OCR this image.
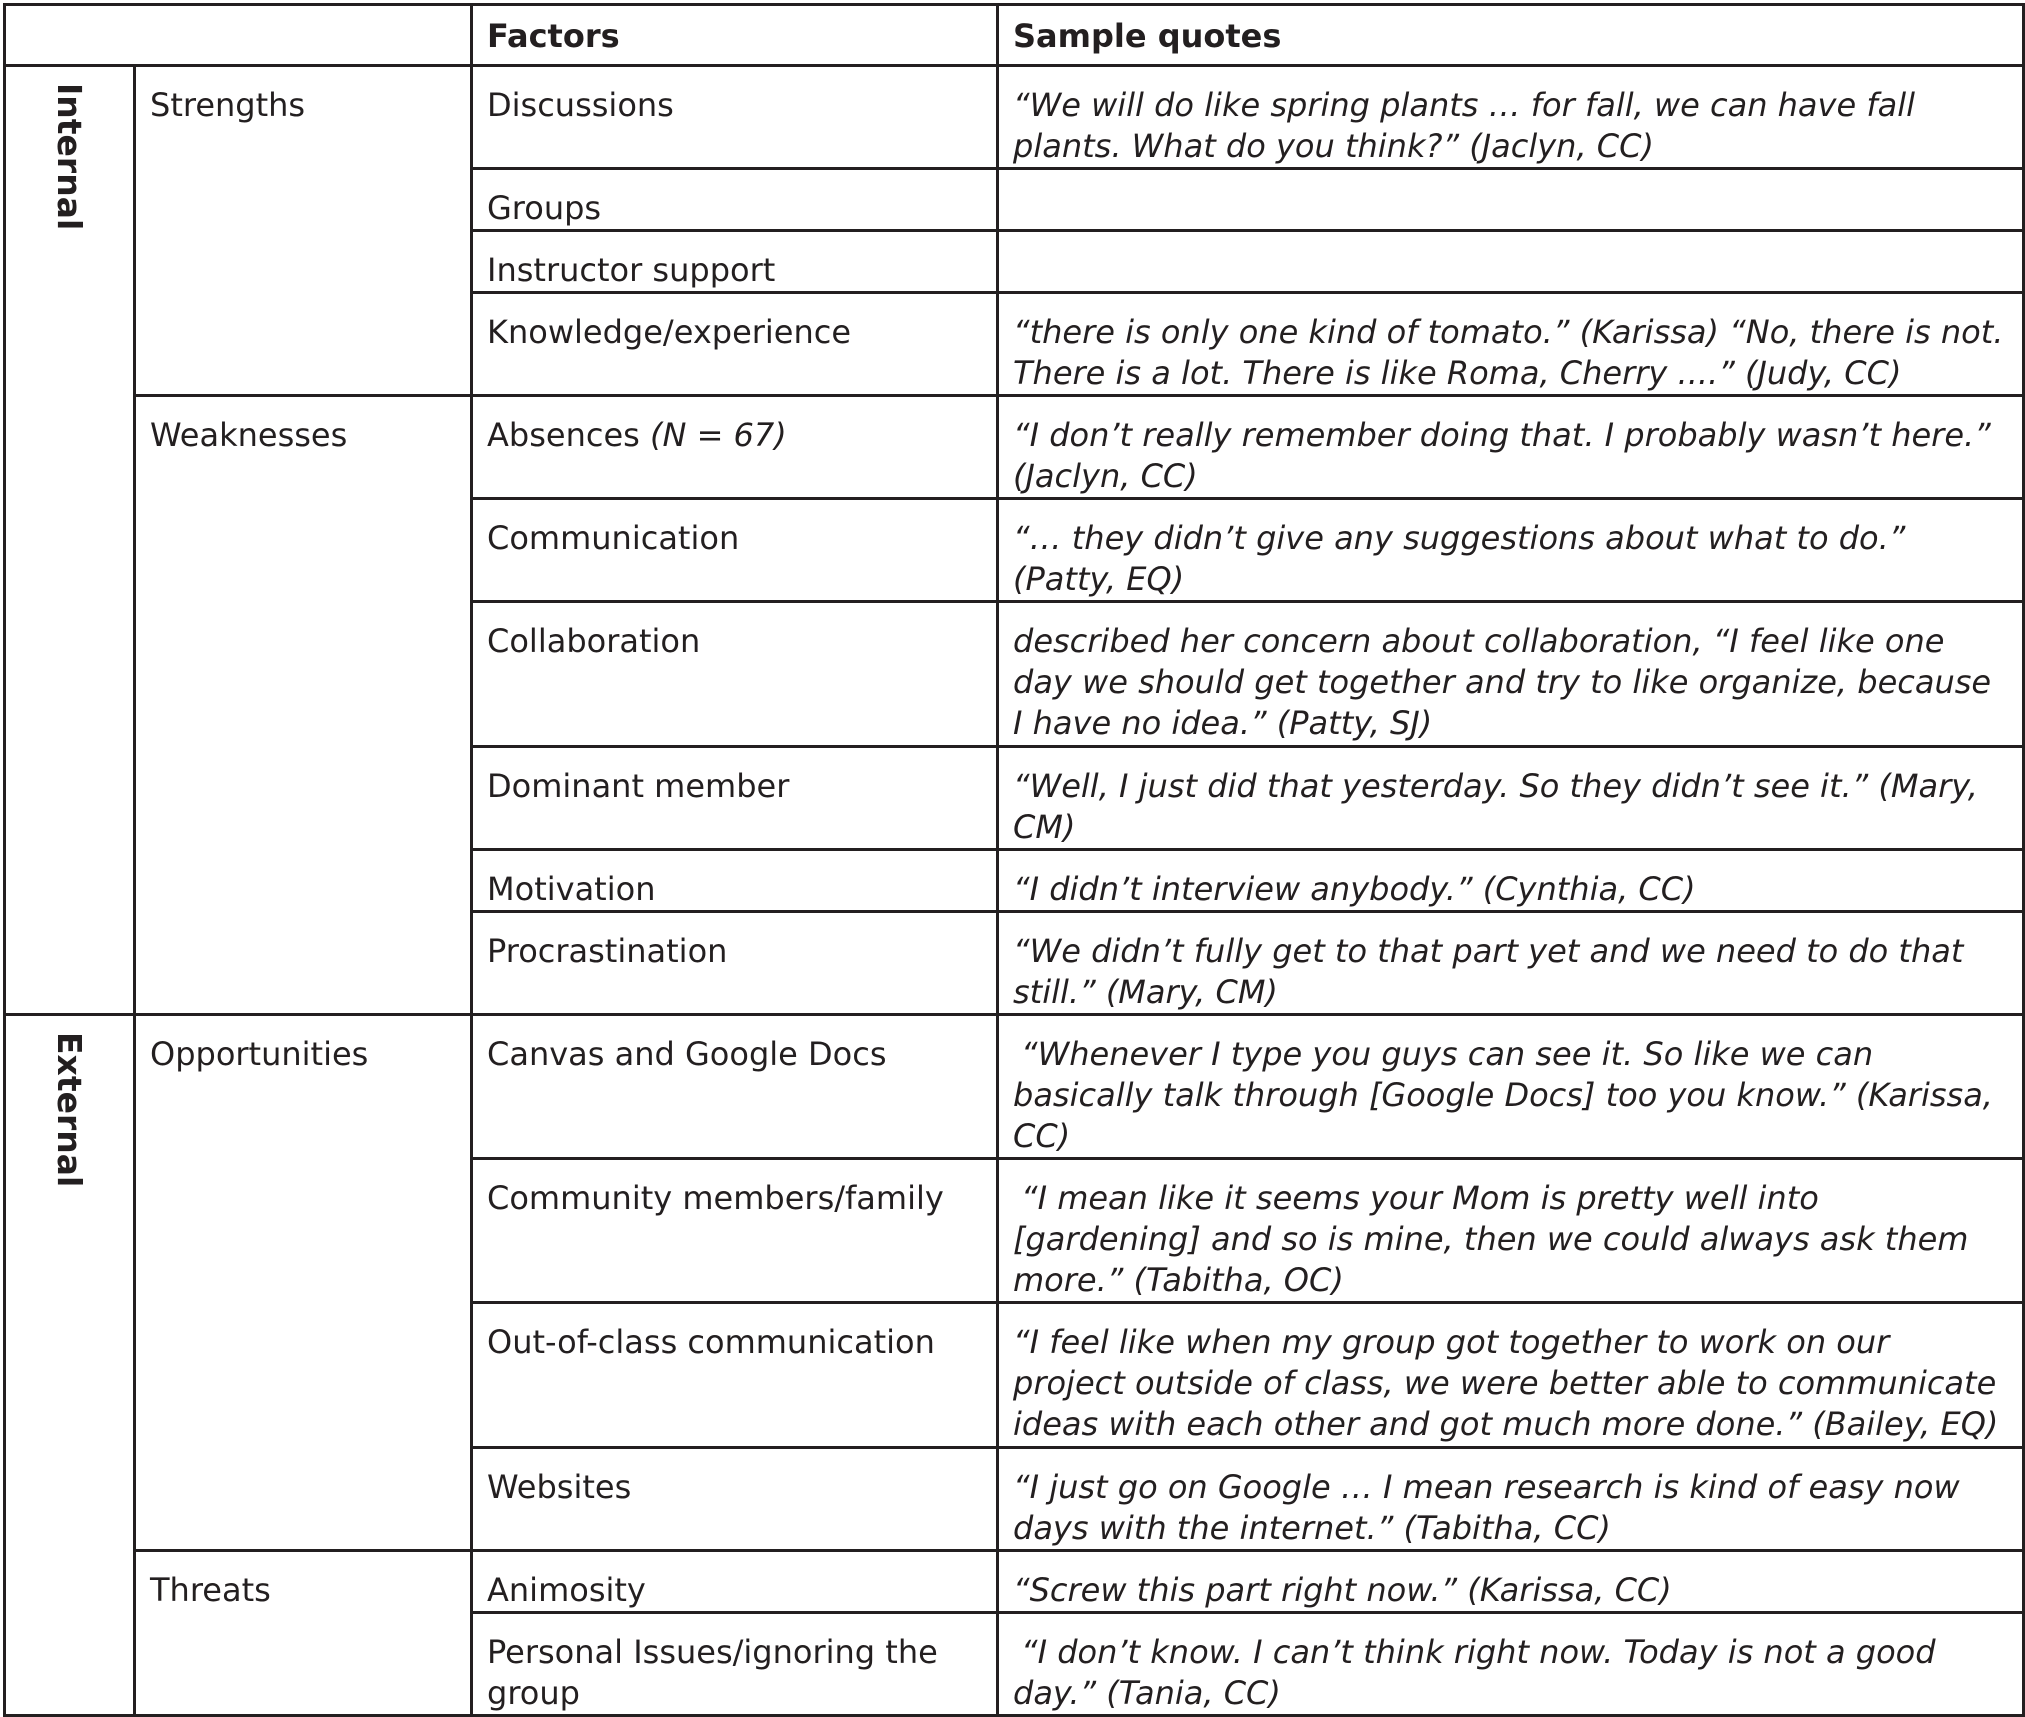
		Factors	Sample quotes
Internal	Strengths	Discussions	“We will do like spring plants … for fall, we can have fall plants. What do you think?” (Jaclyn, CC)
		Groups	
		Instructor support	
		Knowledge/experience	“there is only one kind of tomato.” (Karissa) “No, there is not. There is a lot. There is like Roma, Cherry ....” (Judy, CC)
	Weaknesses	Absences (N = 67)	“I don’t really remember doing that. I probably wasn’t here.” (Jaclyn, CC)
		Communication	“… they didn’t give any suggestions about what to do.” (Patty, EQ)
		Collaboration	described her concern about collaboration, “I feel like one day we should get together and try to like organize, because I have no idea.” (Patty, SJ)
		Dominant member	“Well, I just did that yesterday. So they didn’t see it.” (Mary, CM)
		Motivation	“I didn’t interview anybody.” (Cynthia, CC)
		Procrastination	“We didn’t fully get to that part yet and we need to do that still.” (Mary, CM)
External	Opportunities	Canvas and Google Docs	“Whenever I type you guys can see it. So like we can basically talk through [Google Docs] too you know.” (Karissa, CC)
		Community members/family	“I mean like it seems your Mom is pretty well into [gardening] and so is mine, then we could always ask them more.” (Tabitha, OC)
		Out-of-class communication	“I feel like when my group got together to work on our project outside of class, we were better able to communicate ideas with each other and got much more done.” (Bailey, EQ)
		Websites	“I just go on Google … I mean research is kind of easy now days with the internet.” (Tabitha, CC)
	Threats	Animosity	“Screw this part right now.” (Karissa, CC)
		Personal Issues/ignoring the group	“I don’t know. I can’t think right now. Today is not a good day.” (Tania, CC)
